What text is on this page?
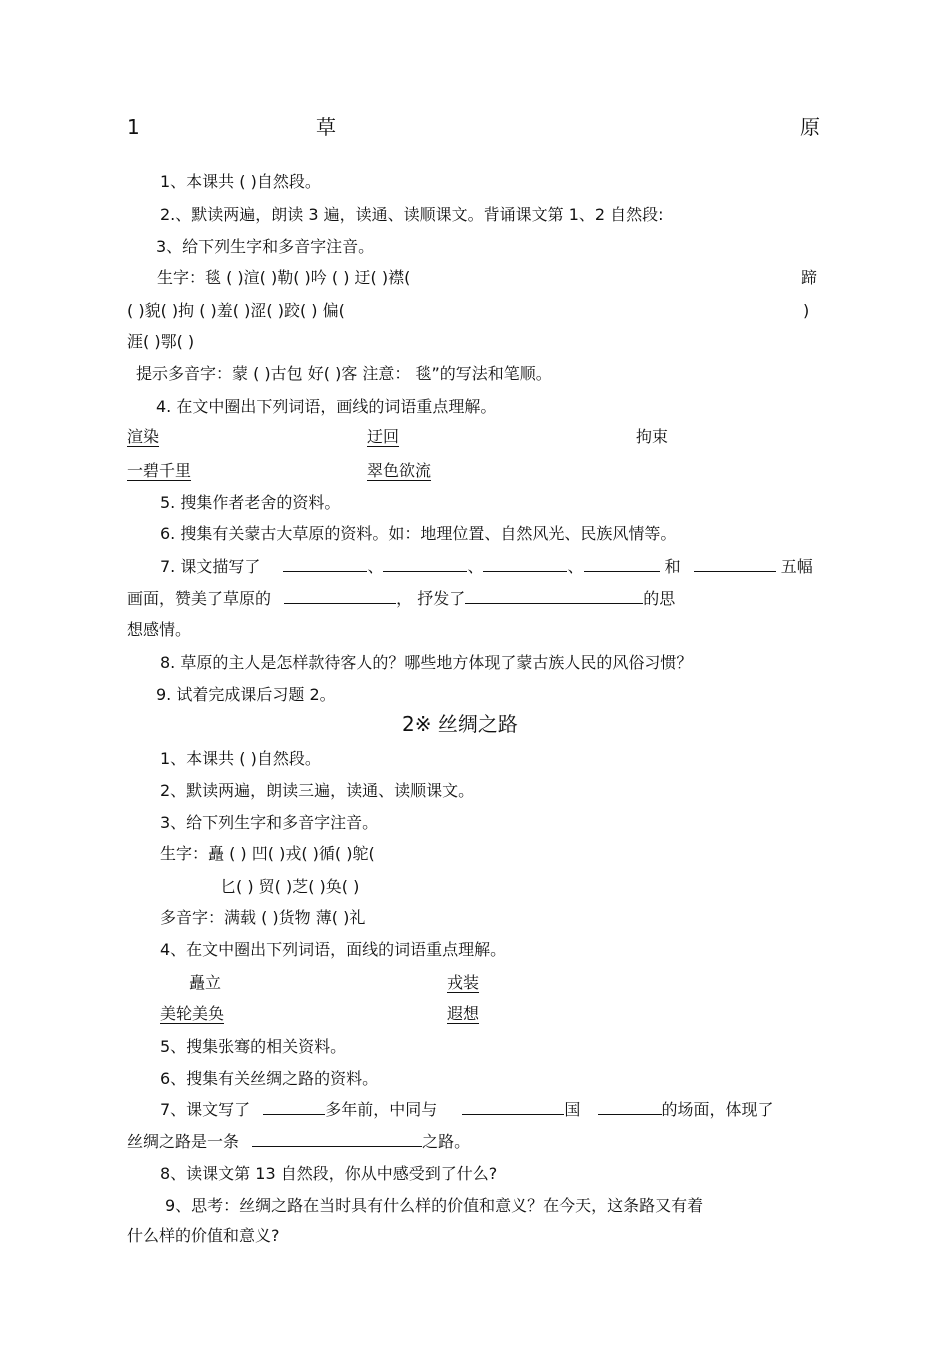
1	草	原
1、本课共 ( )自然段。
2.、默读两遍，朗读 3 遍，读通、读顺课文。背诵课文第 1、2 自然段:
3、给下列生字和多音字注音。
生字：毯 ( )渲( )勒( )吟 ( ) 迂( )襟(	蹄
( )貌( )拘 ( )羞( )涩( )跤( ) 偏(	)
涯( )鄂( )
提示多音字：蒙 ( )古包 好( )客 注意： 毯”的写法和笔顺。
4. 在文中圈出下列词语，画线的词语重点理解。
渲染	迂回	拘束
一碧千里	翠色欲流
5. 搜集作者老舍的资料。
6. 搜集有关蒙古大草原的资料。如：地理位置、自然风光、民族风情等。
7. 课文描写了	、	、	、	和	五幅
画面，赞美了草原的	， 抒发了	的思
想感情。
8. 草原的主人是怎样款待客人的？哪些地方体现了蒙古族人民的风俗习惯？
9. 试着完成课后习题 2。
2※ 丝绸之路
1、本课共 ( )自然段。
2、默读两遍，朗读三遍，读通、读顺课文。
3、给下列生字和多音字注音。
生字：矗 ( ) 凹( )戎( )循( )鸵(
匕( ) 贸( )芝( )奂( )
多音字：满载 ( )货物 薄( )礼
4、在文中圈出下列词语，面线的词语重点理解。
矗立	戎装
美轮美奂	遐想
5、搜集张骞的相关资料。
6、搜集有关丝绸之路的资料。
7、课文写了	多年前，中同与	国	的场面，体现了
丝绸之路是一条	之路。
8、读课文第 13 自然段，你从中感受到了什么?
9、思考：丝绸之路在当时具有什么样的价值和意义？在今天，这条路又有着
什么样的价值和意义?
